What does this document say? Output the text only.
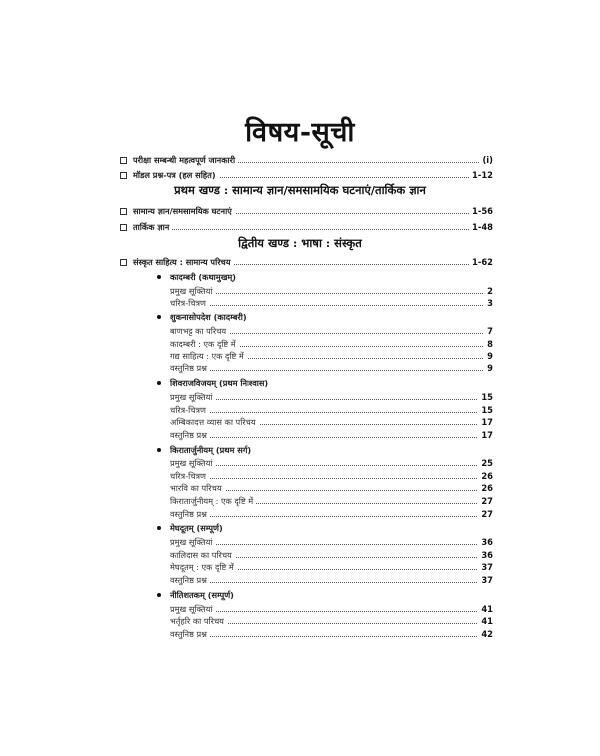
विषय-सूची
परीक्षा सम्बन्धी महत्वपूर्ण जानकारी	(i)
मॉडल प्रश्न-पत्र (हल सहित)	1-12
प्रथम खण्ड : सामान्य ज्ञान/समसामयिक घटनाएं/तार्किक ज्ञान
सामान्य ज्ञान/समसामयिक घटनाएं	1-56
तार्किक ज्ञान	1-48
द्वितीय खण्ड : भाषा : संस्कृत
संस्कृत साहित्य : सामान्य परिचय	1-62
कादम्बरी (कथामुखम्)
प्रमुख सूक्तियां	2
चरित्र-चित्रण	3
शुकनासोपदेश (कादम्बरी)
बाणभट्ट का परिचय	7
कादम्बरी : एक दृष्टि में	8
गद्य साहित्य : एक दृष्टि में	9
वस्तुनिष्ठ प्रश्न	9
शिवराजविजयम् (प्रथम निःश्वास)
प्रमुख सूक्तियां	15
चरित्र-चित्रण	15
अम्बिकादत्त व्यास का परिचय	17
वस्तुनिष्ठ प्रश्न	17
किरातार्जुनीयम् (प्रथम सर्ग)
प्रमुख सूक्तियां	25
चरित्र-चित्रण	26
भारवि का परिचय	26
किरातार्जुनीयम् : एक दृष्टि में	27
वस्तुनिष्ठ प्रश्न	27
मेघदूतम् (सम्पूर्ण)
प्रमुख सूक्तियां	36
कालिदास का परिचय	36
मेघदूतम् : एक दृष्टि में	37
वस्तुनिष्ठ प्रश्न	37
नीतिशतकम् (सम्पूर्ण)
प्रमुख सूक्तियां	41
भर्तृहरि का परिचय	41
वस्तुनिष्ठ प्रश्न	42
